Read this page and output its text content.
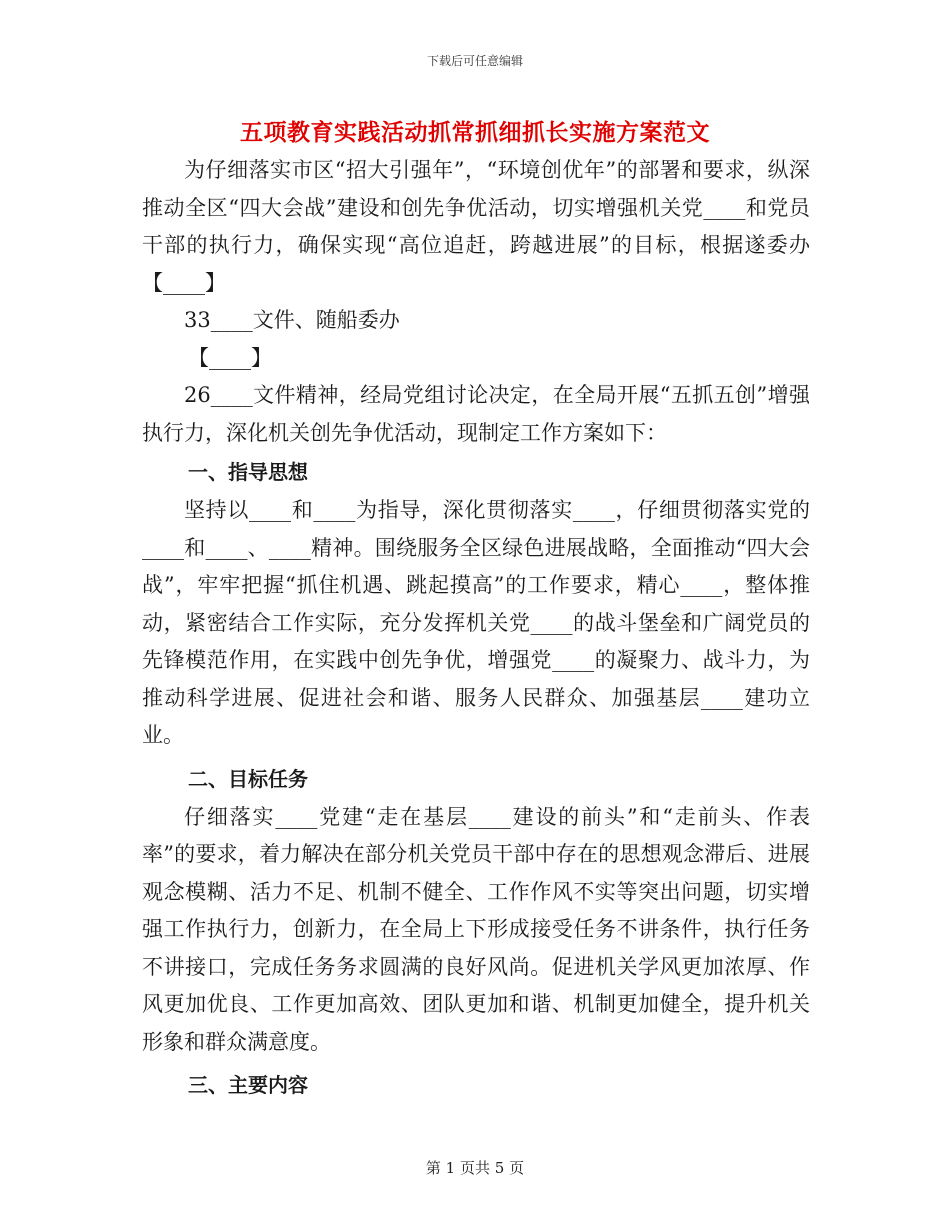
下载后可任意编辑
五项教育实践活动抓常抓细抓长实施方案范文

为仔细落实市区“招大引强年”，“环境创优年”的部署和要求，纵深推动全区“四大会战”建设和创先争优活动，切实增强机关党____和党员干部的执行力，确保实现“高位追赶，跨越进展”的目标，根据遂委办【____】

33____文件、随船委办

【____】

26____文件精神，经局党组讨论决定，在全局开展“五抓五创”增强执行力，深化机关创先争优活动，现制定工作方案如下：

一、指导思想

坚持以____和____为指导，深化贯彻落实____，仔细贯彻落实党的____和____、____精神。围绕服务全区绿色进展战略，全面推动“四大会战”，牢牢把握“抓住机遇、跳起摸高”的工作要求，精心____，整体推动，紧密结合工作实际，充分发挥机关党____的战斗堡垒和广阔党员的先锋模范作用，在实践中创先争优，增强党____的凝聚力、战斗力，为推动科学进展、促进社会和谐、服务人民群众、加强基层____建功立业。

二、目标任务

仔细落实____党建“走在基层____建设的前头”和“走前头、作表率”的要求，着力解决在部分机关党员干部中存在的思想观念滞后、进展观念模糊、活力不足、机制不健全、工作作风不实等突出问题，切实增强工作执行力，创新力，在全局上下形成接受任务不讲条件，执行任务不讲接口，完成任务务求圆满的良好风尚。促进机关学风更加浓厚、作风更加优良、工作更加高效、团队更加和谐、机制更加健全，提升机关形象和群众满意度。

三、主要内容

第 1 页共 5 页
